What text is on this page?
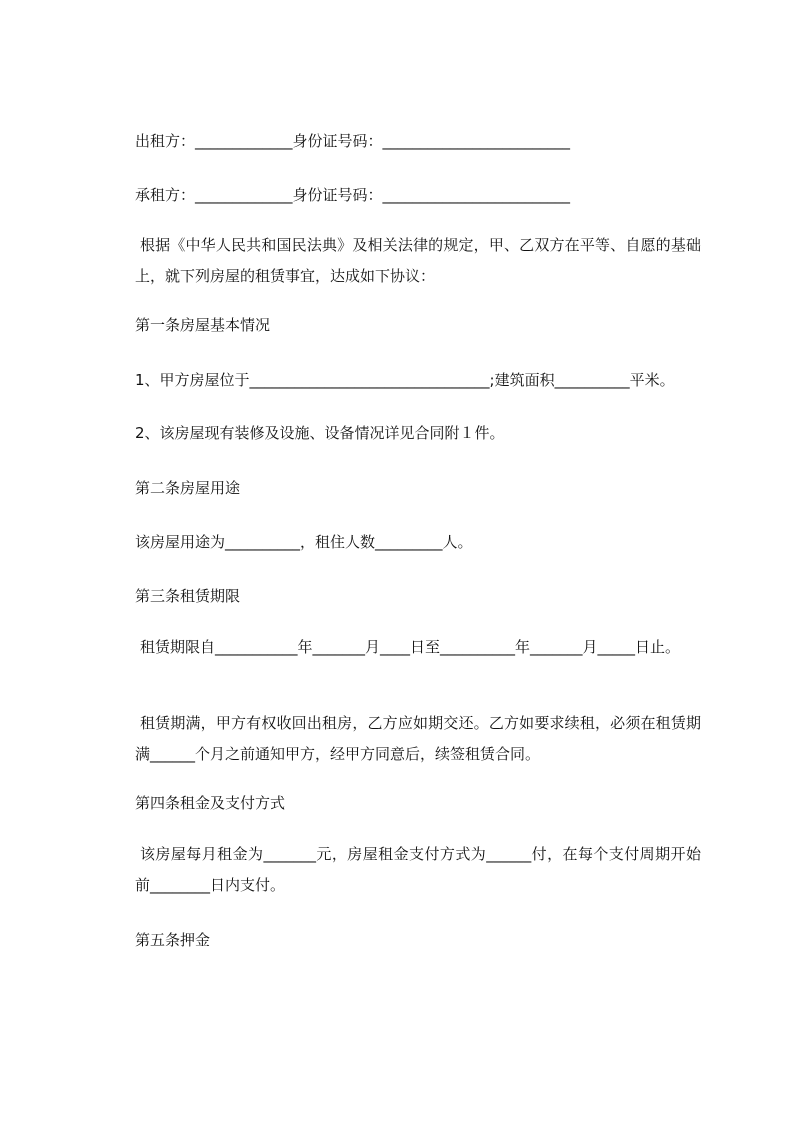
出租方：_____________身份证号码：_________________________
承租方：_____________身份证号码：_________________________
根据《中华人民共和国民法典》及相关法律的规定，甲、乙双方在平等、自愿的基础上，就下列房屋的租赁事宜，达成如下协议：
第一条房屋基本情况
1、甲方房屋位于________________________________;建筑面积__________平米。
2、该房屋现有装修及设施、设备情况详见合同附１件。
第二条房屋用途
该房屋用途为__________，租住人数_________人。
第三条租赁期限
租赁期限自___________年_______月____日至__________年_______月_____日止。
租赁期满，甲方有权收回出租房，乙方应如期交还。乙方如要求续租，必须在租赁期满______个月之前通知甲方，经甲方同意后，续签租赁合同。
第四条租金及支付方式
该房屋每月租金为_______元，房屋租金支付方式为______付，在每个支付周期开始前________日内支付。
第五条押金
